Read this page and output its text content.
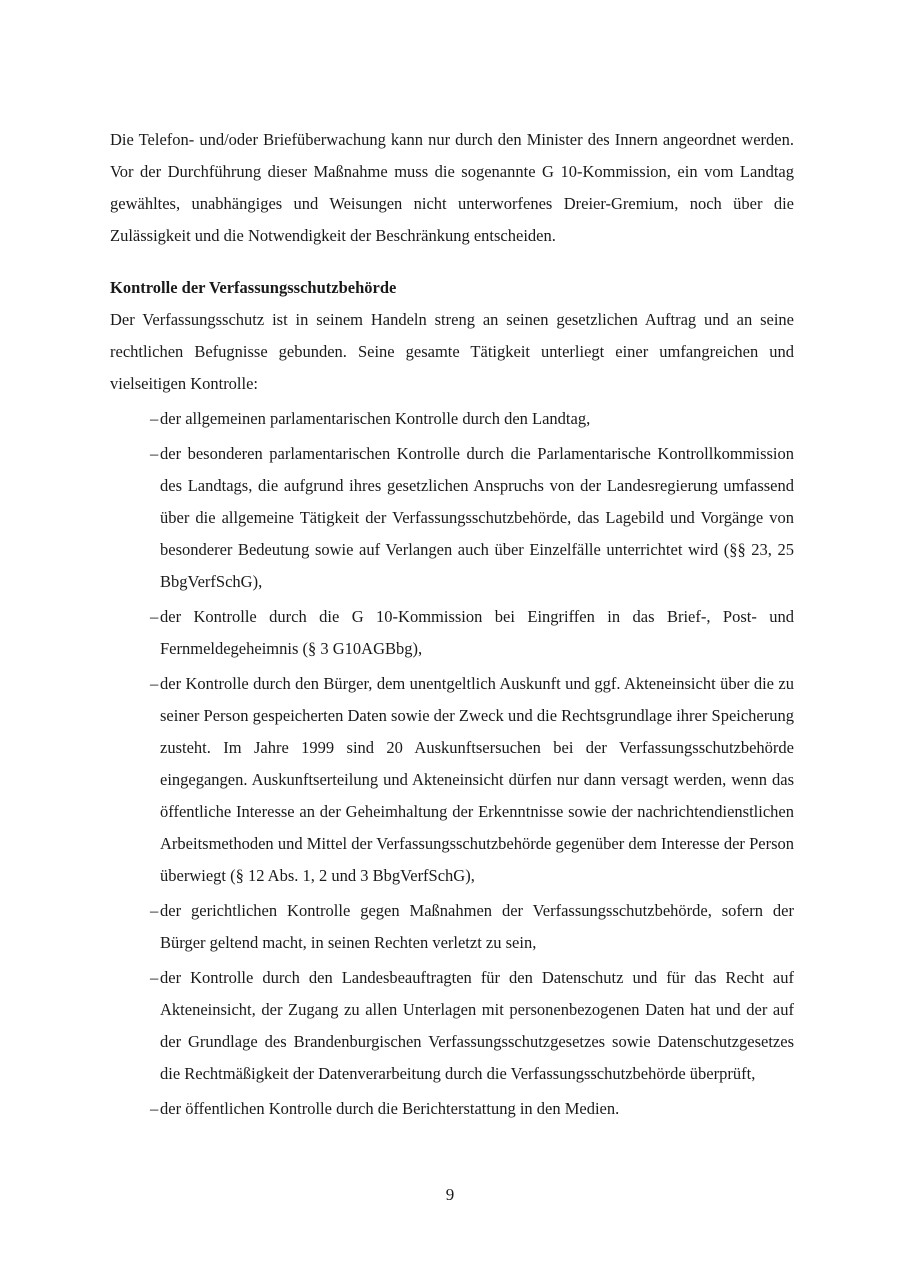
Die Telefon- und/oder Briefüberwachung kann nur durch den Minister des Innern angeordnet werden. Vor der Durchführung dieser Maßnahme muss die sogenannte G 10-Kommission, ein vom Landtag gewähltes, unabhängiges und Weisungen nicht unterworfenes Dreier-Gremium, noch über die Zulässigkeit und die Notwendigkeit der Beschränkung entscheiden.

Kontrolle der Verfassungsschutzbehörde

Der Verfassungsschutz ist in seinem Handeln streng an seinen gesetzlichen Auftrag und an seine rechtlichen Befugnisse gebunden. Seine gesamte Tätigkeit unterliegt einer umfangreichen und vielseitigen Kontrolle:

– der allgemeinen parlamentarischen Kontrolle durch den Landtag,
– der besonderen parlamentarischen Kontrolle durch die Parlamentarische Kontrollkommission des Landtags, die aufgrund ihres gesetzlichen Anspruchs von der Landesregierung umfassend über die allgemeine Tätigkeit der Verfassungsschutzbehörde, das Lagebild und Vorgänge von besonderer Bedeutung sowie auf Verlangen auch über Einzelfälle unterrichtet wird (§§ 23, 25 BbgVerfSchG),
– der Kontrolle durch die G 10-Kommission bei Eingriffen in das Brief-, Post- und Fernmeldegeheimnis (§ 3 G10AGBbg),
– der Kontrolle durch den Bürger, dem unentgeltlich Auskunft und ggf. Akteneinsicht über die zu seiner Person gespeicherten Daten sowie der Zweck und die Rechtsgrundlage ihrer Speicherung zusteht. Im Jahre 1999 sind 20 Auskunftsersuchen bei der Verfassungsschutzbehörde eingegangen. Auskunftserteilung und Akteneinsicht dürfen nur dann versagt werden, wenn das öffentliche Interesse an der Geheimhaltung der Erkenntnisse sowie der nachrichtendienstlichen Arbeitsmethoden und Mittel der Verfassungsschutzbehörde gegenüber dem Interesse der Person überwiegt (§ 12 Abs. 1, 2 und 3 BbgVerfSchG),
– der gerichtlichen Kontrolle gegen Maßnahmen der Verfassungsschutzbehörde, sofern der Bürger geltend macht, in seinen Rechten verletzt zu sein,
– der Kontrolle durch den Landesbeauftragten für den Datenschutz und für das Recht auf Akteneinsicht, der Zugang zu allen Unterlagen mit personenbezogenen Daten hat und der auf der Grundlage des Brandenburgischen Verfassungsschutzgesetzes sowie Datenschutzgesetzes die Rechtmäßigkeit der Datenverarbeitung durch die Verfassungsschutzbehörde überprüft,
– der öffentlichen Kontrolle durch die Berichterstattung in den Medien.
9
